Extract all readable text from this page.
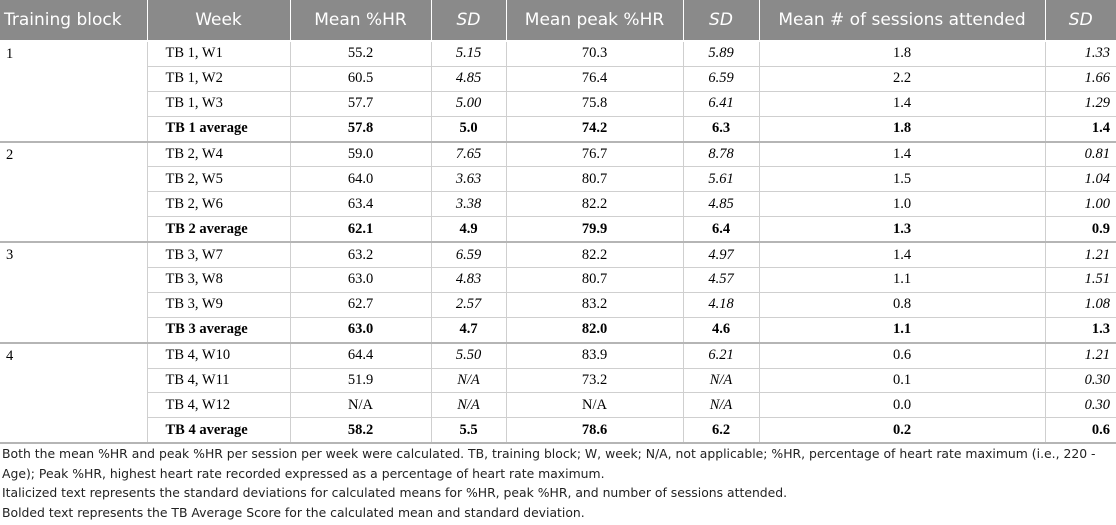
Training block	Week	Mean %HR	SD	Mean peak %HR	SD	Mean # of sessions attended	SD
1	TB 1, W1	55.2	5.15	70.3	5.89	1.8	1.33
	TB 1, W2	60.5	4.85	76.4	6.59	2.2	1.66
	TB 1, W3	57.7	5.00	75.8	6.41	1.4	1.29
	TB 1 average	57.8	5.0	74.2	6.3	1.8	1.4
2	TB 2, W4	59.0	7.65	76.7	8.78	1.4	0.81
	TB 2, W5	64.0	3.63	80.7	5.61	1.5	1.04
	TB 2, W6	63.4	3.38	82.2	4.85	1.0	1.00
	TB 2 average	62.1	4.9	79.9	6.4	1.3	0.9
3	TB 3, W7	63.2	6.59	82.2	4.97	1.4	1.21
	TB 3, W8	63.0	4.83	80.7	4.57	1.1	1.51
	TB 3, W9	62.7	2.57	83.2	4.18	0.8	1.08
	TB 3 average	63.0	4.7	82.0	4.6	1.1	1.3
4	TB 4, W10	64.4	5.50	83.9	6.21	0.6	1.21
	TB 4, W11	51.9	N/A	73.2	N/A	0.1	0.30
	TB 4, W12	N/A	N/A	N/A	N/A	0.0	0.30
	TB 4 average	58.2	5.5	78.6	6.2	0.2	0.6

Both the mean %HR and peak %HR per session per week were calculated. TB, training block; W, week; N/A, not applicable; %HR, percentage of heart rate maximum (i.e., 220 - Age); Peak %HR, highest heart rate recorded expressed as a percentage of heart rate maximum.

Italicized text represents the standard deviations for calculated means for %HR, peak %HR, and number of sessions attended.

Bolded text represents the TB Average Score for the calculated mean and standard deviation.
